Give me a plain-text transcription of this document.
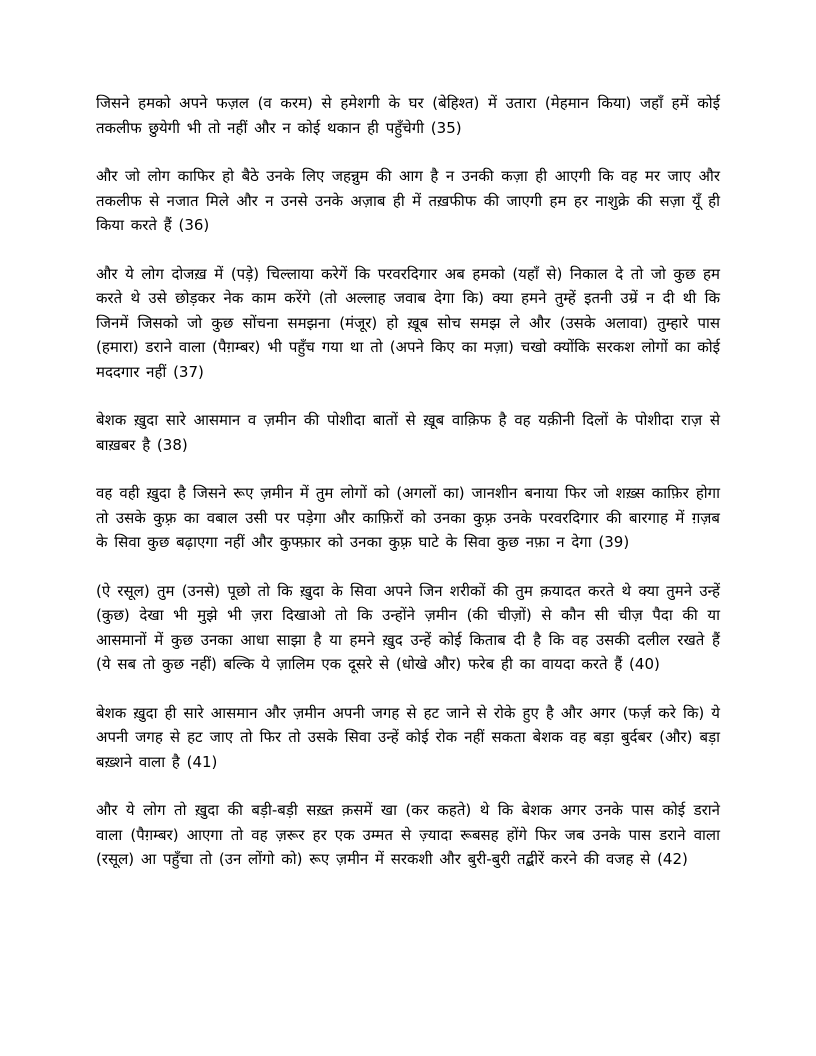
जिसने हमको अपने फज़ल (व करम) से हमेशगी के घर (बेहिश्त) में उतारा (मेहमान किया) जहाँ हमें कोई तकलीफ छुयेगी भी तो नहीं और न कोई थकान ही पहुँचेगी (35)

और जो लोग काफिर हो बैठे उनके लिए जहन्नुम की आग है न उनकी कज़ा ही आएगी कि वह मर जाए और तकलीफ से नजात मिले और न उनसे उनके अज़ाब ही में तख़फीफ की जाएगी हम हर नाशुक्रे की सज़ा यूँ ही किया करते हैं (36)

और ये लोग दोजख़ में (पड़े) चिल्लाया करेगें कि परवरदिगार अब हमको (यहाँ से) निकाल दे तो जो कुछ हम करते थे उसे छोड़कर नेक काम करेंगे (तो अल्लाह जवाब देगा कि) क्या हमने तुम्हें इतनी उम्रें न दी थी कि जिनमें जिसको जो कुछ सोंचना समझना (मंजूर) हो ख़ूब सोच समझ ले और (उसके अलावा) तुम्हारे पास (हमारा) डराने वाला (पैग़म्बर) भी पहुँच गया था तो (अपने किए का मज़ा) चखो क्योंकि सरकश लोगों का कोई मददगार नहीं (37)

बेशक ख़ुदा सारे आसमान व ज़मीन की पोशीदा बातों से ख़ूब वाक़िफ है वह यक़ीनी दिलों के पोशीदा राज़ से बाख़बर है (38)

वह वही ख़ुदा है जिसने रूए ज़मीन में तुम लोगों को (अगलों का) जानशीन बनाया फिर जो शख़्स काफ़िर होगा तो उसके कुफ़्र का वबाल उसी पर पड़ेगा और काफ़िरों को उनका कुफ़्र उनके परवरदिगार की बारगाह में ग़ज़ब के सिवा कुछ बढ़ाएगा नहीं और कुफ्फ़ार को उनका कुफ़्र घाटे के सिवा कुछ नफ़ा न देगा (39)

(ऐ रसूल) तुम (उनसे) पूछो तो कि ख़ुदा के सिवा अपने जिन शरीकों की तुम क़यादत करते थे क्या तुमने उन्हें (कुछ) देखा भी मुझे भी ज़रा दिखाओ तो कि उन्होंने ज़मीन (की चीज़ों) से कौन सी चीज़ पैदा की या आसमानों में कुछ उनका आधा साझा है या हमने ख़ुद उन्हें कोई किताब दी है कि वह उसकी दलील रखते हैं (ये सब तो कुछ नहीं) बल्कि ये ज़ालिम एक दूसरे से (धोखे और) फरेब ही का वायदा करते हैं (40)

बेशक ख़ुदा ही सारे आसमान और ज़मीन अपनी जगह से हट जाने से रोके हुए है और अगर (फर्ज़ करे कि) ये अपनी जगह से हट जाए तो फिर तो उसके सिवा उन्हें कोई रोक नहीं सकता बेशक वह बड़ा बुर्दबर (और) बड़ा बख़्शने वाला है (41)

और ये लोग तो ख़ुदा की बड़ी-बड़ी सख़्त क़समें खा (कर कहते) थे कि बेशक अगर उनके पास कोई डराने वाला (पैग़म्बर) आएगा तो वह ज़रूर हर एक उम्मत से ज़्यादा रूबसह होंगे फिर जब उनके पास डराने वाला (रसूल) आ पहुँचा तो (उन लोंगो को) रूए ज़मीन में सरकशी और बुरी-बुरी तद्बीरें करने की वजह से (42)
